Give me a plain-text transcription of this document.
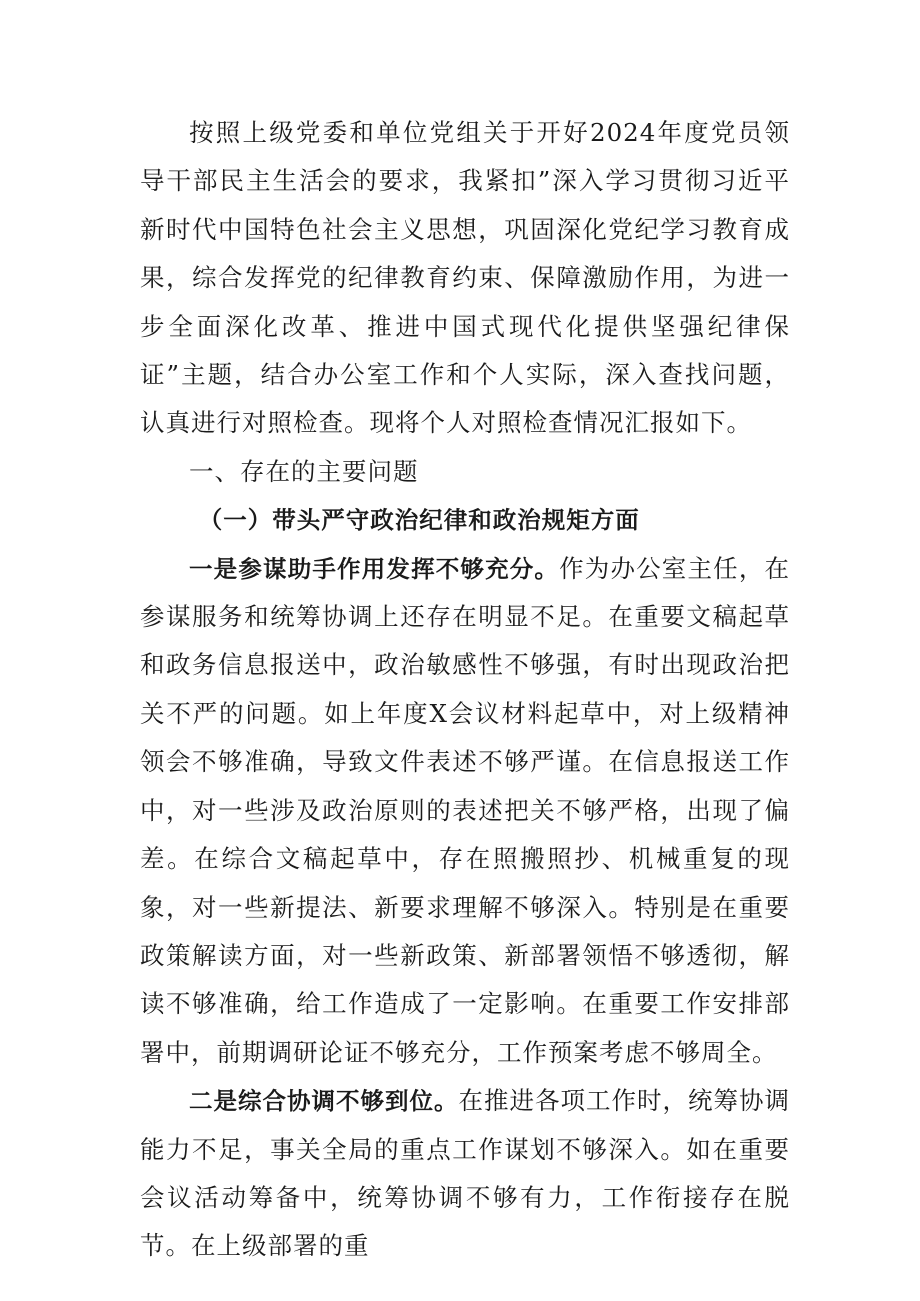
按照上级党委和单位党组关于开好2024年度党员领导干部民主生活会的要求，我紧扣”深入学习贯彻习近平新时代中国特色社会主义思想，巩固深化党纪学习教育成果，综合发挥党的纪律教育约束、保障激励作用，为进一步全面深化改革、推进中国式现代化提供坚强纪律保证”主题，结合办公室工作和个人实际，深入查找问题，认真进行对照检查。现将个人对照检查情况汇报如下。

一、存在的主要问题

（一）带头严守政治纪律和政治规矩方面

一是参谋助手作用发挥不够充分。作为办公室主任，在参谋服务和统筹协调上还存在明显不足。在重要文稿起草和政务信息报送中，政治敏感性不够强，有时出现政治把关不严的问题。如上年度X会议材料起草中，对上级精神领会不够准确，导致文件表述不够严谨。在信息报送工作中，对一些涉及政治原则的表述把关不够严格，出现了偏差。在综合文稿起草中，存在照搬照抄、机械重复的现象，对一些新提法、新要求理解不够深入。特别是在重要政策解读方面，对一些新政策、新部署领悟不够透彻，解读不够准确，给工作造成了一定影响。在重要工作安排部署中，前期调研论证不够充分，工作预案考虑不够周全。

二是综合协调不够到位。在推进各项工作时，统筹协调能力不足，事关全局的重点工作谋划不够深入。如在重要会议活动筹备中，统筹协调不够有力，工作衔接存在脱节。在上级部署的重
